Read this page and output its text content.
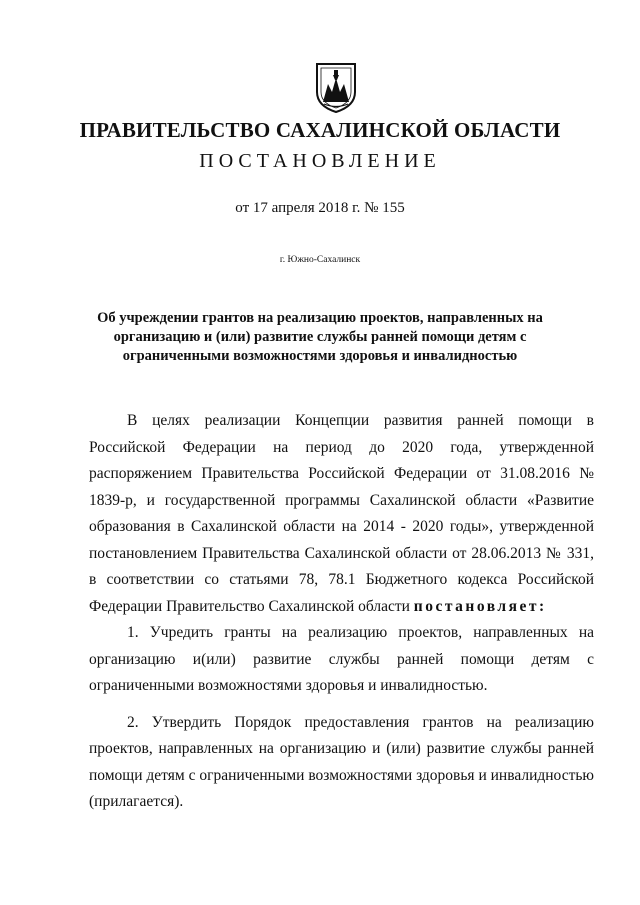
ПРАВИТЕЛЬСТВО САХАЛИНСКОЙ ОБЛАСТИ
ПОСТАНОВЛЕНИЕ
от 17 апреля 2018 г. № 155
г. Южно-Сахалинск
Об учреждении грантов на реализацию проектов, направленных на организацию и (или) развитие службы ранней помощи детям с ограниченными возможностями здоровья и инвалидностью

В целях реализации Концепции развития ранней помощи в Российской Федерации на период до 2020 года, утвержденной распоряжением Правительства Российской Федерации от 31.08.2016 № 1839-р, и государственной программы Сахалинской области «Развитие образования в Сахалинской области на 2014 - 2020 годы», утвержденной постановлением Правительства Сахалинской области от 28.06.2013 № 331, в соответствии со статьями 78, 78.1 Бюджетного кодекса Российской Федерации Правительство Сахалинской области постановляет:

1. Учредить гранты на реализацию проектов, направленных на организацию и(или) развитие службы ранней помощи детям с ограниченными возможностями здоровья и инвалидностью.

2. Утвердить Порядок предоставления грантов на реализацию проектов, направленных на организацию и (или) развитие службы ранней помощи детям с ограниченными возможностями здоровья и инвалидностью (прилагается).
